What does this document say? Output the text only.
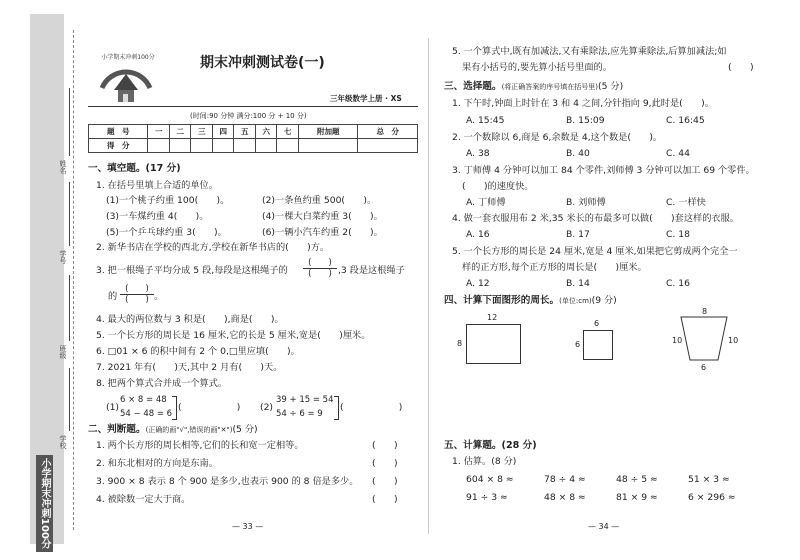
姓名
学号
班级
学校
小学期末冲刺100分
小学期末冲刺100分	期末冲刺测试卷(一)
三年级数学上册 · XS
(时间:90 分钟 满分:100 分 + 10 分)
题　号	一	二	三	四	五	六	七	附加题	总　分
得　分									
一、填空题。(17 分)
1. 在括号里填上合适的单位。
(1)一个桃子约重 100(　　)。	(2)一条鱼约重 500(　　)。
(3)一车煤约重 4(　　)。	(4)一棵大白菜约重 3(　　)。
(5)一个乒乓球约重 3(　　)。	(6)一辆小汽车约重 2(　　)。
2. 新华书店在学校的西北方,学校在新华书店的(　　)方。
3. 把一根绳子平均分成 5 段,每段是这根绳子的
(　　)
(　　) ,3 段是这根绳子
的
(　　)
(　　) 。
4. 最大的两位数与 3 积是(　　),商是(　　)。
5. 一个长方形的周长是 16 厘米,它的长是 5 厘米,宽是(　　)厘米。
6. □01 × 6 的积中间有 2 个 0,□里应填(　　)。
7. 2021 年有(　　)天,其中 2 月有(　　)天。
8. 把两个算式合并成一个算式。
(1)
6 × 8 = 48
54 − 48 = 6
(　　　　　　) (2)
39 + 15 = 54
54 ÷ 6 = 9
(　　　　　　)
二、判断题。(正确的画"√",错误的画"✕")(5 分)
1. 两个长方形的周长相等,它们的长和宽一定相等。	(　　)
2. 和东北相对的方向是东南。	(　　)
3. 900 × 8 表示 8 个 900 是多少,也表示 900 的 8 倍是多少。 (　　)
4. 被除数一定大于商。	(　　)
— 33 —
5. 一个算式中,既有加减法,又有乘除法,应先算乘除法,后算加减法;如
果有小括号的,要先算小括号里面的。	(　　)
三、选择题。(将正确答案的序号填在括号里)(5 分)
1. 下午时,钟面上时针在 3 和 4 之间,分针指向 9,此时是(　　)。
A. 15:45	B. 15:09	C. 16:45
2. 一个数除以 6,商是 6,余数是 4,这个数是(　　)。
A. 38	B. 40	C. 44
3. 丁师傅 4 分钟可以加工 84 个零件,刘师傅 3 分钟可以加工 69 个零件。
(　　)的速度快。
A. 丁师傅	B. 刘师傅	C. 一样快
4. 做一套衣服用布 2 米,35 米长的布最多可以做(　　)套这样的衣服。
A. 16	B. 17	C. 18
5. 一个长方形的周长是 24 厘米,宽是 4 厘米,如果把它剪成两个完全一
样的正方形,每个正方形的周长是(　　)厘米。
A. 12	B. 14	C. 16
四、计算下面图形的周长。(单位:cm)(9 分)
12
8
6
6
8
10	10
6
五、计算题。(28 分)
1. 估算。(8 分)
604 × 8 ≈	78 ÷ 4 ≈	48 ÷ 5 ≈	51 × 3 ≈
91 ÷ 3 ≈	48 × 8 ≈	81 × 9 ≈	6 × 296 ≈
— 34 —
